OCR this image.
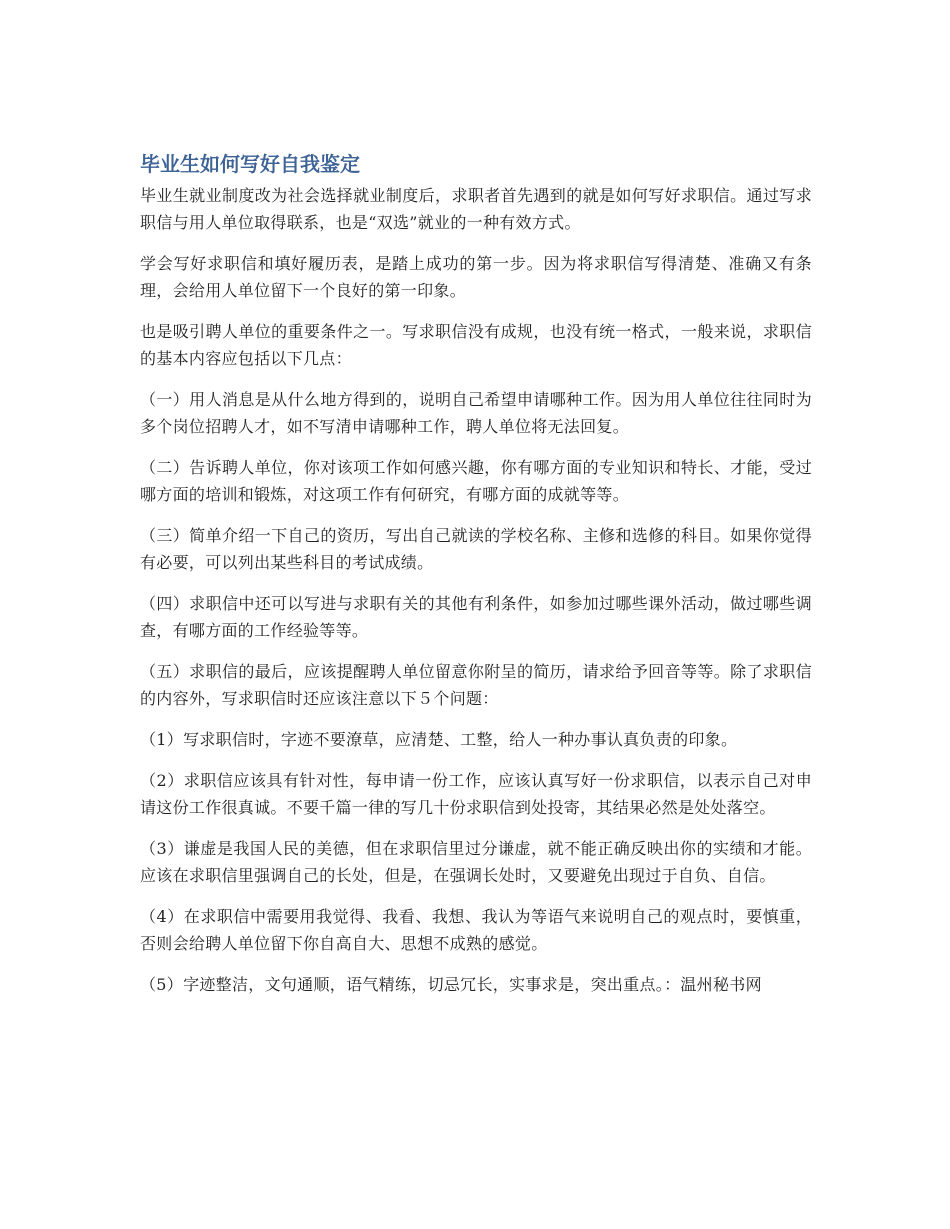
毕业生如何写好自我鉴定

毕业生就业制度改为社会选择就业制度后，求职者首先遇到的就是如何写好求职信。通过写求职信与用人单位取得联系，也是“双选”就业的一种有效方式。

学会写好求职信和填好履历表，是踏上成功的第一步。因为将求职信写得清楚、准确又有条理，会给用人单位留下一个良好的第一印象。

也是吸引聘人单位的重要条件之一。写求职信没有成规，也没有统一格式，一般来说，求职信的基本内容应包括以下几点：

（一）用人消息是从什么地方得到的，说明自己希望申请哪种工作。因为用人单位往往同时为多个岗位招聘人才，如不写清申请哪种工作，聘人单位将无法回复。

（二）告诉聘人单位，你对该项工作如何感兴趣，你有哪方面的专业知识和特长、才能，受过哪方面的培训和锻炼，对这项工作有何研究，有哪方面的成就等等。

（三）简单介绍一下自己的资历，写出自己就读的学校名称、主修和选修的科目。如果你觉得有必要，可以列出某些科目的考试成绩。

（四）求职信中还可以写进与求职有关的其他有利条件，如参加过哪些课外活动，做过哪些调查，有哪方面的工作经验等等。

（五）求职信的最后，应该提醒聘人单位留意你附呈的简历，请求给予回音等等。除了求职信的内容外，写求职信时还应该注意以下５个问题：

（1）写求职信时，字迹不要潦草，应清楚、工整，给人一种办事认真负责的印象。

（2）求职信应该具有针对性，每申请一份工作，应该认真写好一份求职信，以表示自己对申请这份工作很真诚。不要千篇一律的写几十份求职信到处投寄，其结果必然是处处落空。

（3）谦虚是我国人民的美德，但在求职信里过分谦虚，就不能正确反映出你的实绩和才能。应该在求职信里强调自己的长处，但是，在强调长处时，又要避免出现过于自负、自信。

（4）在求职信中需要用我觉得、我看、我想、我认为等语气来说明自己的观点时，要慎重，否则会给聘人单位留下你自高自大、思想不成熟的感觉。

（5）字迹整洁，文句通顺，语气精练，切忌冗长，实事求是，突出重点。：温州秘书网
